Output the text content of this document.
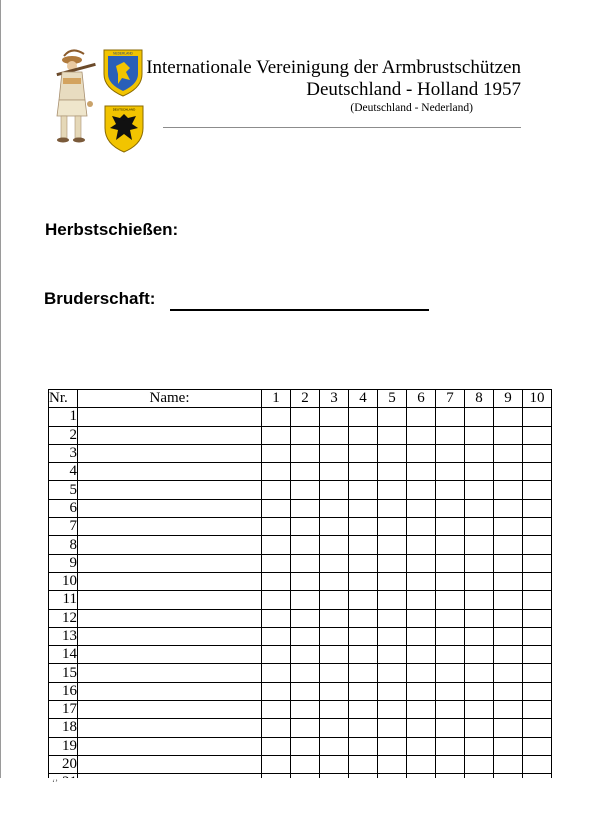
NEDERLAND
DEUTSCHLAND
Internationale Vereinigung der Armbrustschützen
Deutschland - Holland 1957
(Deutschland - Nederland)
Herbstschießen:
Bruderschaft:
Nr.	Name:	1	2	3	4	5	6	7	8	9	10
1											
2											
3											
4											
5											
6											
7											
8											
9											
10											
11											
12											
13											
14											
15											
16											
17											
18											
19											
20											

‘’
